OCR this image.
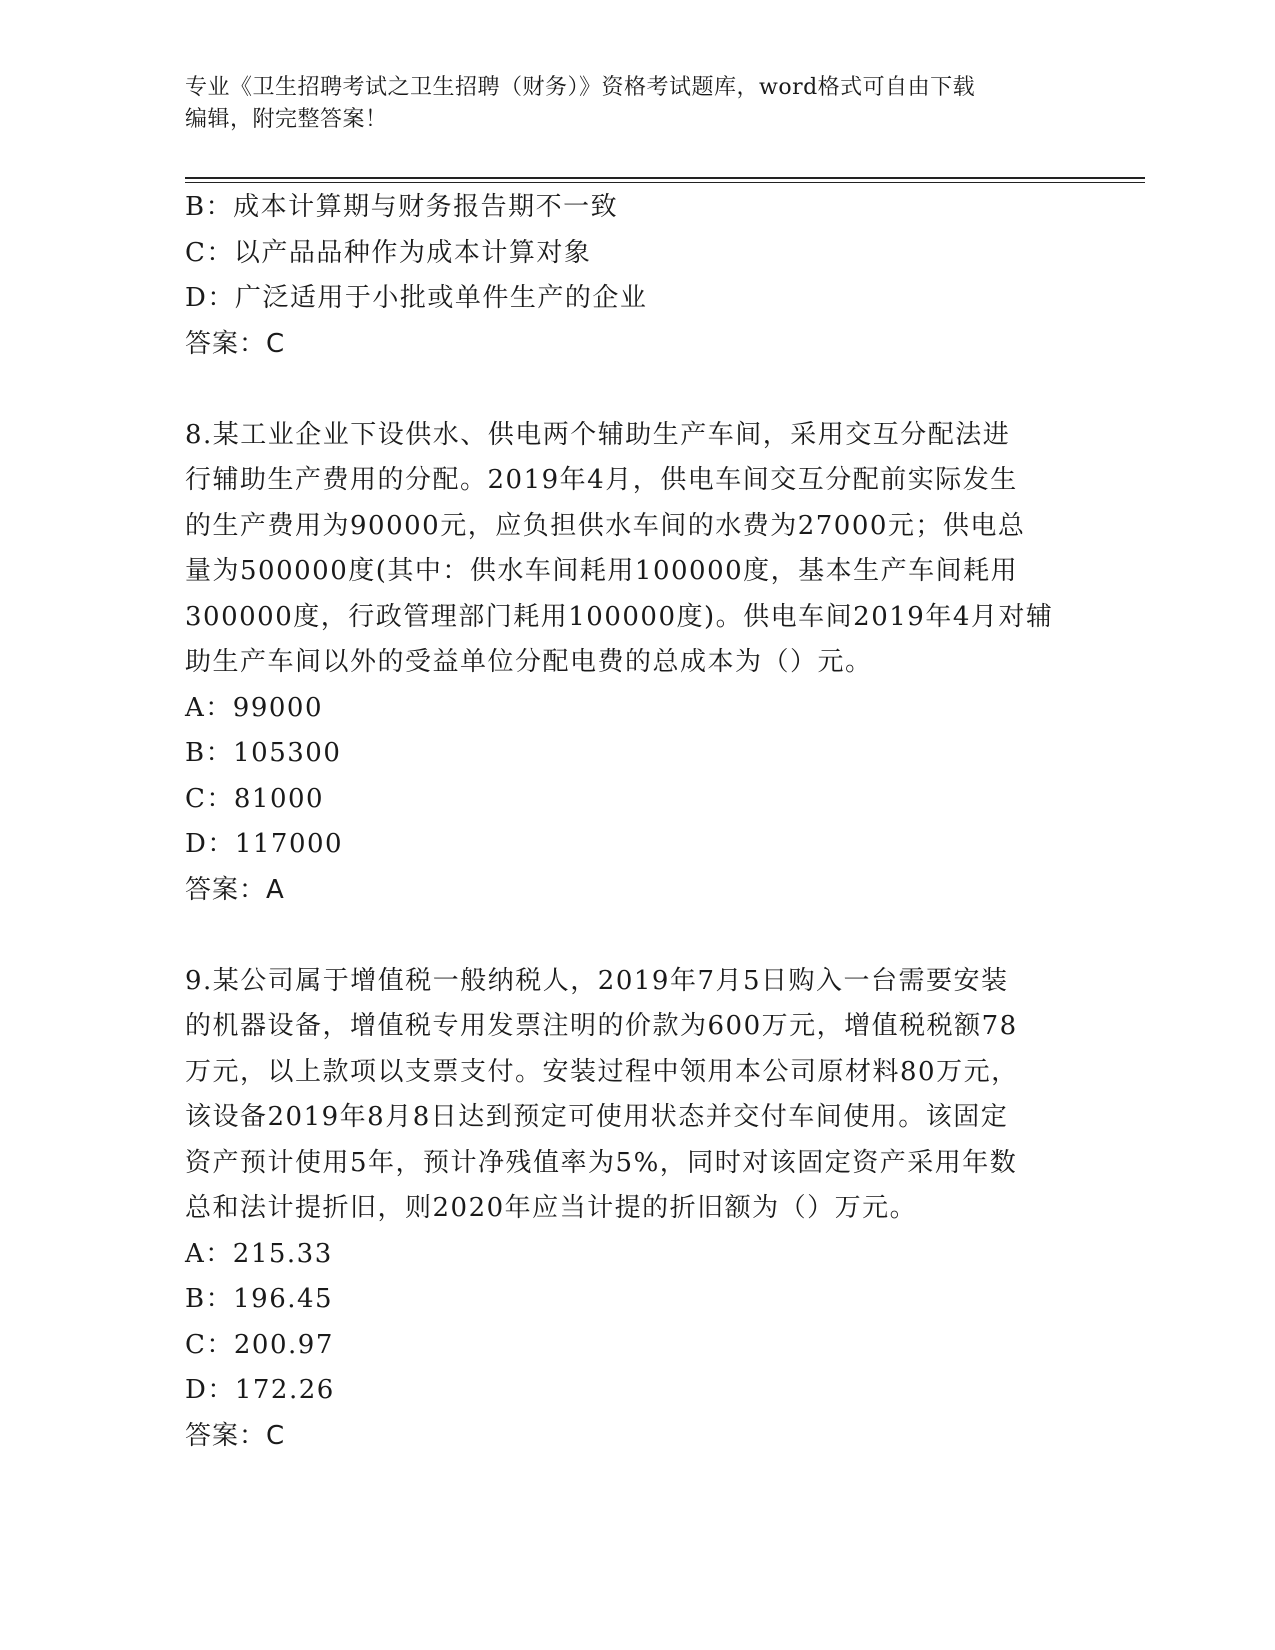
专业《卫生招聘考试之卫生招聘（财务）》资格考试题库，word格式可自由下载
编辑，附完整答案！
B：成本计算期与财务报告期不一致
C：以产品品种作为成本计算对象
D：广泛适用于小批或单件生产的企业
答案：C
8.某工业企业下设供水、供电两个辅助生产车间，采用交互分配法进
行辅助生产费用的分配。2019年4月，供电车间交互分配前实际发生
的生产费用为90000元，应负担供水车间的水费为27000元；供电总
量为500000度(其中：供水车间耗用100000度，基本生产车间耗用
300000度，行政管理部门耗用100000度)。供电车间2019年4月对辅
助生产车间以外的受益单位分配电费的总成本为（）元。
A：99000
B：105300
C：81000
D：117000
答案：A
9.某公司属于增值税一般纳税人，2019年7月5日购入一台需要安装
的机器设备，增值税专用发票注明的价款为600万元，增值税税额78
万元，以上款项以支票支付。安装过程中领用本公司原材料80万元，
该设备2019年8月8日达到预定可使用状态并交付车间使用。该固定
资产预计使用5年，预计净残值率为5%，同时对该固定资产采用年数
总和法计提折旧，则2020年应当计提的折旧额为（）万元。
A：215.33
B：196.45
C：200.97
D：172.26
答案：C
